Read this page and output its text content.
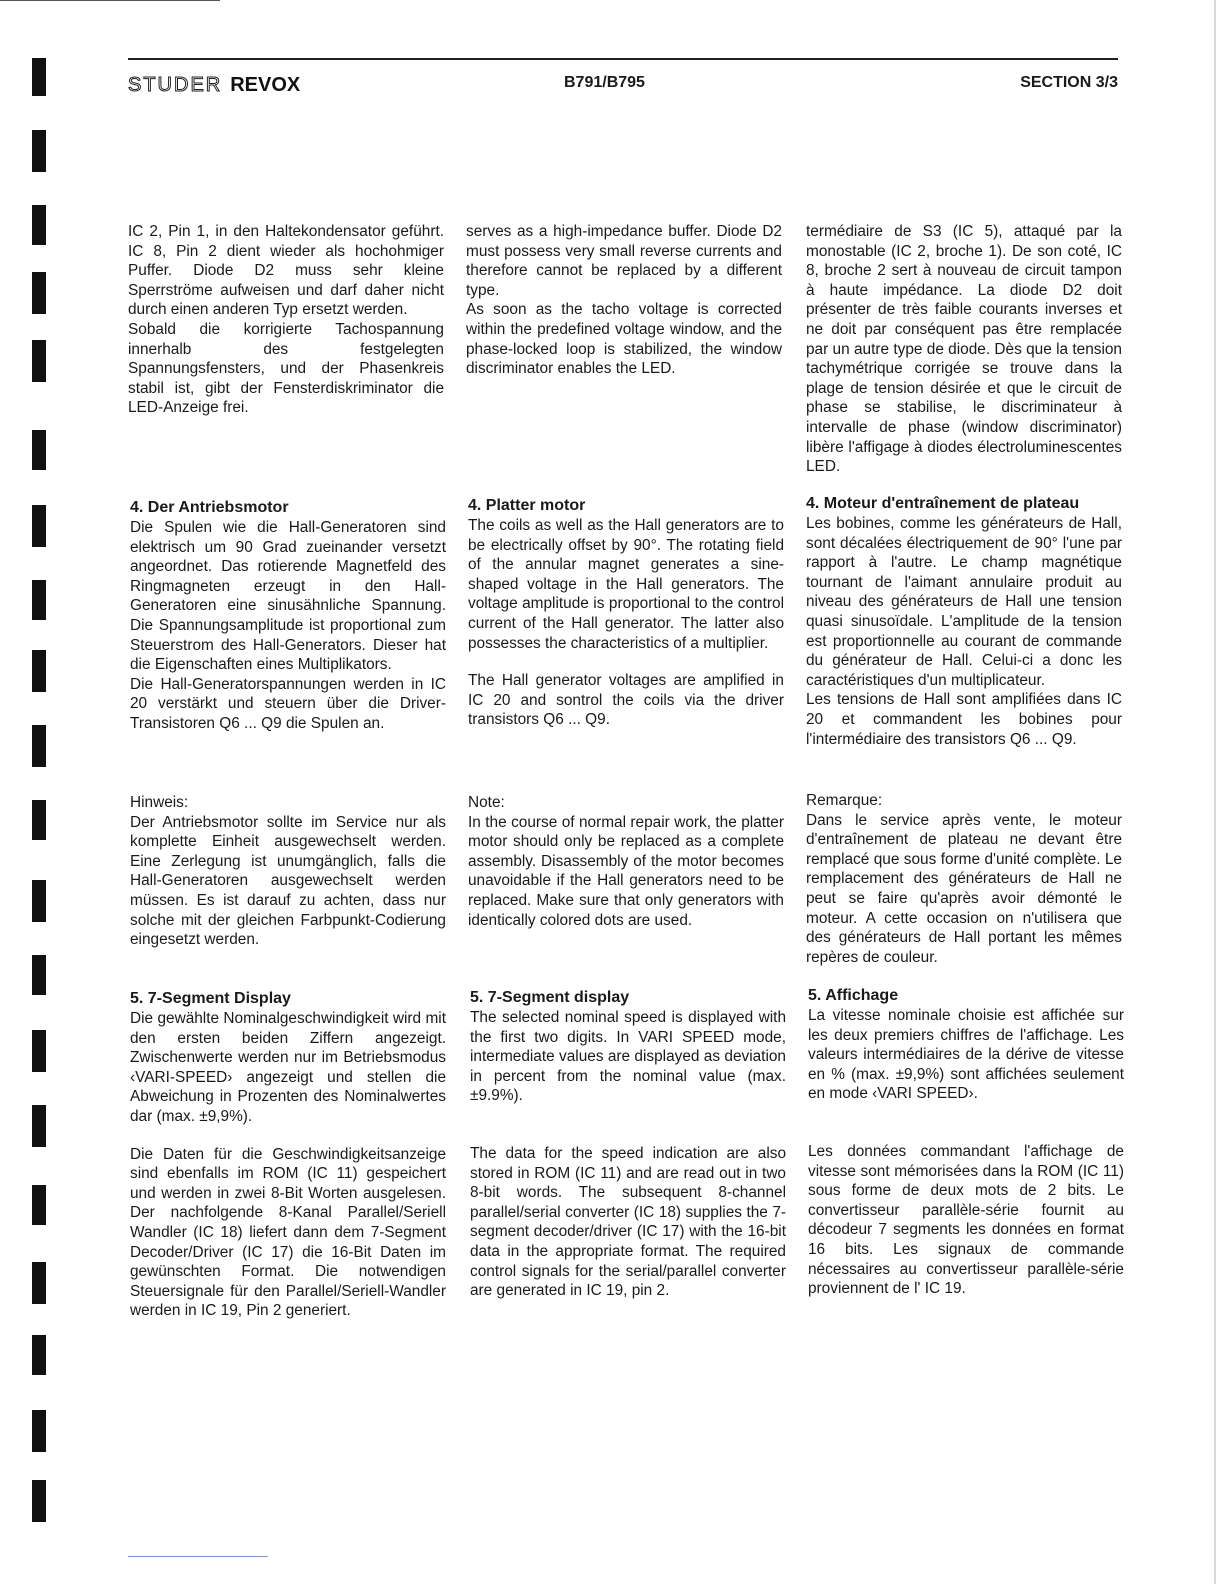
STUDER REVOX	B791/B795	SECTION 3/3

IC 2, Pin 1, in den Haltekondensator geführt. IC 8, Pin 2 dient wieder als hochohmiger Puffer. Diode D2 muss sehr kleine Sperrströme aufweisen und darf daher nicht durch einen anderen Typ ersetzt werden.

Sobald die korrigierte Tachospannung innerhalb des festgelegten Spannungsfensters, und der Phasenkreis stabil ist, gibt der Fensterdiskriminator die LED-Anzeige frei.

4. Der Antriebsmotor

Die Spulen wie die Hall-Generatoren sind elektrisch um 90 Grad zueinander versetzt angeordnet. Das rotierende Magnetfeld des Ringmagneten erzeugt in den Hall-Generatoren eine sinusähnliche Spannung. Die Spannungsamplitude ist proportional zum Steuerstrom des Hall-Generators. Dieser hat die Eigenschaften eines Multiplikators.

Die Hall-Generatorspannungen werden in IC 20 verstärkt und steuern über die Driver-Transistoren Q6 ... Q9 die Spulen an.

Hinweis:

Der Antriebsmotor sollte im Service nur als komplette Einheit ausgewechselt werden. Eine Zerlegung ist unumgänglich, falls die Hall-Generatoren ausgewechselt werden müssen. Es ist darauf zu achten, dass nur solche mit der gleichen Farbpunkt-Codierung eingesetzt werden.

5. 7-Segment Display

Die gewählte Nominalgeschwindigkeit wird mit den ersten beiden Ziffern angezeigt. Zwischenwerte werden nur im Betriebsmodus ‹VARI-SPEED› angezeigt und stellen die Abweichung in Prozenten des Nominalwertes dar (max. ±9,9%).

Die Daten für die Geschwindigkeitsanzeige sind ebenfalls im ROM (IC 11) gespeichert und werden in zwei 8-Bit Worten ausgelesen. Der nachfolgende 8-Kanal Parallel/Seriell Wandler (IC 18) liefert dann dem 7-Segment Decoder/Driver (IC 17) die 16-Bit Daten im gewünschten Format. Die notwendigen Steuersignale für den Parallel/Seriell-Wandler werden in IC 19, Pin 2 generiert.

serves as a high-impedance buffer. Diode D2 must possess very small reverse currents and therefore cannot be replaced by a different type.

As soon as the tacho voltage is corrected within the predefined voltage window, and the phase-locked loop is stabilized, the window discriminator enables the LED.

4. Platter motor

The coils as well as the Hall generators are to be electrically offset by 90°. The rotating field of the annular magnet generates a sine-shaped voltage in the Hall generators. The voltage amplitude is proportional to the control current of the Hall generator. The latter also possesses the characteristics of a multiplier.

The Hall generator voltages are amplified in IC 20 and sontrol the coils via the driver transistors Q6 ... Q9.

Note:

In the course of normal repair work, the platter motor should only be replaced as a complete assembly. Disassembly of the motor becomes unavoidable if the Hall generators need to be replaced. Make sure that only generators with identically colored dots are used.

5. 7-Segment display

The selected nominal speed is displayed with the first two digits. In VARI SPEED mode, intermediate values are displayed as deviation in percent from the nominal value (max. ±9.9%).

The data for the speed indication are also stored in ROM (IC 11) and are read out in two 8-bit words. The subsequent 8-channel parallel/serial converter (IC 18) supplies the 7-segment decoder/driver (IC 17) with the 16-bit data in the appropriate format. The required control signals for the serial/parallel converter are generated in IC 19, pin 2.

termédiaire de S3 (IC 5), attaqué par la monostable (IC 2, broche 1). De son coté, IC 8, broche 2 sert à nouveau de circuit tampon à haute impédance. La diode D2 doit présenter de très faible courants inverses et ne doit par conséquent pas être remplacée par un autre type de diode. Dès que la tension tachymétrique corrigée se trouve dans la plage de tension désirée et que le circuit de phase se stabilise, le discriminateur à intervalle de phase (window discriminator) libère l'affigage à diodes électroluminescentes LED.

4. Moteur d'entraînement de plateau

Les bobines, comme les générateurs de Hall, sont décalées électriquement de 90° l'une par rapport à l'autre. Le champ magnétique tournant de l'aimant annulaire produit au niveau des générateurs de Hall une tension quasi sinusoïdale. L'amplitude de la tension est proportionnelle au courant de commande du générateur de Hall. Celui-ci a donc les caractéristiques d'un multiplicateur.

Les tensions de Hall sont amplifiées dans IC 20 et commandent les bobines pour l'intermédiaire des transistors Q6 ... Q9.

Remarque:

Dans le service après vente, le moteur d'entraînement de plateau ne devant être remplacé que sous forme d'unité complète. Le remplacement des générateurs de Hall ne peut se faire qu'après avoir démonté le moteur. A cette occasion on n'utilisera que des générateurs de Hall portant les mêmes repères de couleur.

5. Affichage

La vitesse nominale choisie est affichée sur les deux premiers chiffres de l'affichage. Les valeurs intermédiaires de la dérive de vitesse en % (max. ±9,9%) sont affichées seulement en mode ‹VARI SPEED›.

Les données commandant l'affichage de vitesse sont mémorisées dans la ROM (IC 11) sous forme de deux mots de 2 bits. Le convertisseur parallèle-série fournit au décodeur 7 segments les données en format 16 bits. Les signaux de commande nécessaires au convertisseur parallèle-série proviennent de l' IC 19.
